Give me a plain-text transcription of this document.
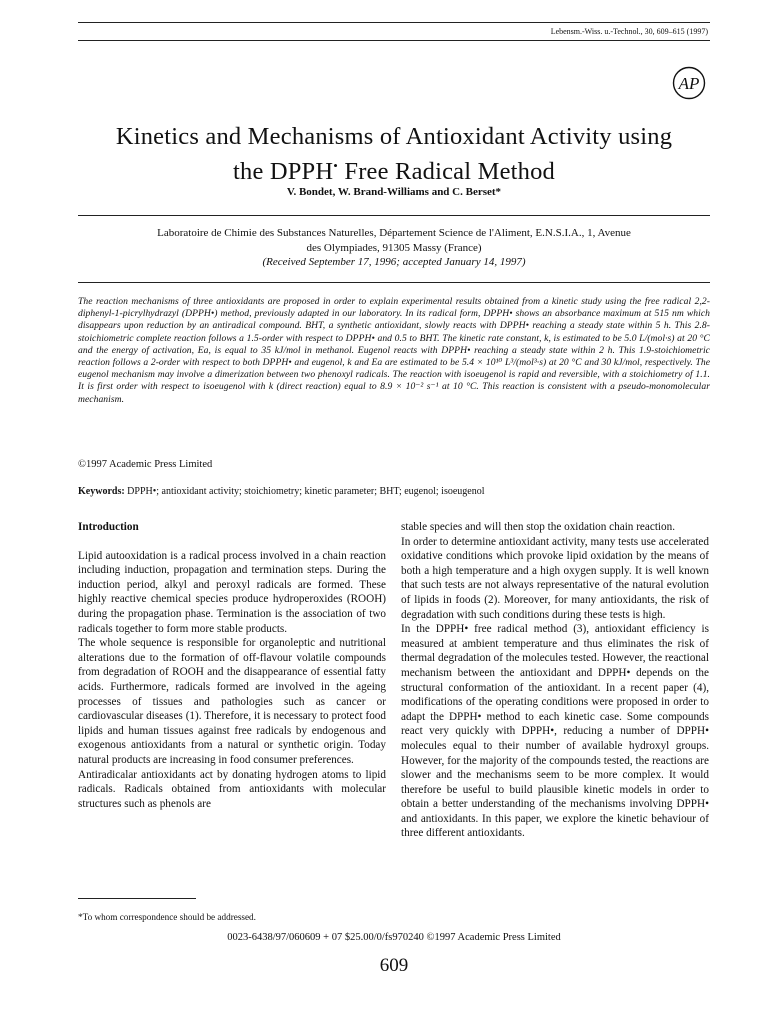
Lebensm.-Wiss. u.-Technol., 30, 609–615 (1997)
AP
Kinetics and Mechanisms of Antioxidant Activity using
the DPPH• Free Radical Method
V. Bondet, W. Brand-Williams and C. Berset*
Laboratoire de Chimie des Substances Naturelles, Département Science de l'Aliment, E.N.S.I.A., 1, Avenue
des Olympiades, 91305 Massy (France)
(Received September 17, 1996; accepted January 14, 1997)
The reaction mechanisms of three antioxidants are proposed in order to explain experimental results obtained from a kinetic study using the free radical 2,2-diphenyl-1-picrylhydrazyl (DPPH•) method, previously adapted in our laboratory. In its radical form, DPPH• shows an absorbance maximum at 515 nm which disappears upon reduction by an antiradical compound. BHT, a synthetic antioxidant, slowly reacts with DPPH• reaching a steady state within 5 h. This 2.8-stoichiometric complete reaction follows a 1.5-order with respect to DPPH• and 0.5 to BHT. The kinetic rate constant, k, is estimated to be 5.0 L/(mol·s) at 20 °C and the energy of activation, Ea, is equal to 35 kJ/mol in methanol. Eugenol reacts with DPPH• reaching a steady state within 2 h. This 1.9-stoichiometric reaction follows a 2-order with respect to both DPPH• and eugenol, k and Ea are estimated to be 5.4 × 10¹⁰ L³/(mol³·s) at 20 °C and 30 kJ/mol, respectively. The eugenol mechanism may involve a dimerization between two phenoxyl radicals. The reaction with isoeugenol is rapid and reversible, with a stoichiometry of 1.1. It is first order with respect to isoeugenol with k (direct reaction) equal to 8.9 × 10⁻² s⁻¹ at 10 °C. This reaction is consistent with a pseudo-monomolecular mechanism.
©1997 Academic Press Limited
Keywords: DPPH•; antioxidant activity; stoichiometry; kinetic parameter; BHT; eugenol; isoeugenol

Introduction

Lipid autooxidation is a radical process involved in a chain reaction including induction, propagation and termination steps. During the induction period, alkyl and peroxyl radicals are formed. These highly reactive chemical species produce hydroperoxides (ROOH) during the propagation phase. Termination is the association of two radicals together to form more stable products.

The whole sequence is responsible for organoleptic and nutritional alterations due to the formation of off-flavour volatile compounds from degradation of ROOH and the disappearance of essential fatty acids. Furthermore, radicals formed are involved in the ageing processes of tissues and pathologies such as cancer or cardiovascular diseases (1). Therefore, it is necessary to protect food lipids and human tissues against free radicals by endogenous and exogenous antioxidants from a natural or synthetic origin. Today natural products are increasing in food consumer preferences.

Antiradicalar antioxidants act by donating hydrogen atoms to lipid radicals. Radicals obtained from antioxidants with molecular structures such as phenols are

stable species and will then stop the oxidation chain reaction.

In order to determine antioxidant activity, many tests use accelerated oxidative conditions which provoke lipid oxidation by the means of both a high temperature and a high oxygen supply. It is well known that such tests are not always representative of the natural evolution of lipids in foods (2). Moreover, for many antioxidants, the risk of degradation with such conditions during these tests is high.

In the DPPH• free radical method (3), antioxidant efficiency is measured at ambient temperature and thus eliminates the risk of thermal degradation of the molecules tested. However, the reactional mechanism between the antioxidant and DPPH• depends on the structural conformation of the antioxidant. In a recent paper (4), modifications of the operating conditions were proposed in order to adapt the DPPH• method to each kinetic case. Some compounds react very quickly with DPPH•, reducing a number of DPPH• molecules equal to their number of available hydroxyl groups. However, for the majority of the compounds tested, the reactions are slower and the mechanisms seem to be more complex. It would therefore be useful to build plausible kinetic models in order to obtain a better understanding of the mechanisms involving DPPH• and antioxidants. In this paper, we explore the kinetic behaviour of three different antioxidants.

*To whom correspondence should be addressed.
0023-6438/97/060609 + 07 $25.00/0/fs970240 ©1997 Academic Press Limited
609
